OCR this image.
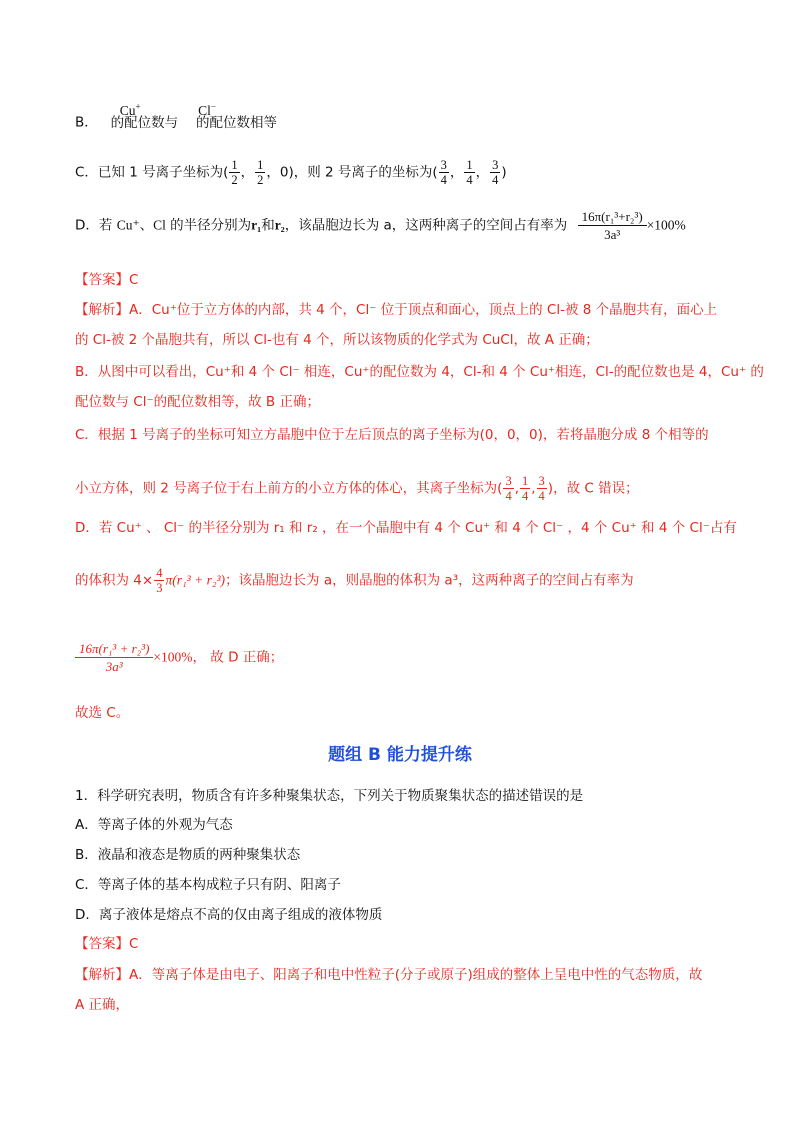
B．Cu+的配位数与Cl−的配位数相等
C．已知 1 号离子坐标为( $\frac{1}{2}$ ， $\frac{1}{2}$ ，0)，则 2 号离子的坐标为( $\frac{3}{4}$ ， $\frac{1}{4}$ ， $\frac{3}{4}$ )
D．若 Cu⁺、Cl 的半径分别为r₁和r₂，该晶胞边长为 a，这两种离子的空间占有率为 $\frac{\text{16π(r₁³+r₂³)}}{\text{3a³}} \times 100\%$
【答案】C
【解析】A．Cu⁺位于立方体的内部，共 4 个，Cl⁻ 位于顶点和面心，顶点上的 Cl-被 8 个晶胞共有，面心上
的 Cl-被 2 个晶胞共有，所以 Cl-也有 4 个，所以该物质的化学式为 CuCl，故 A 正确；
B．从图中可以看出，Cu⁺和 4 个 Cl⁻ 相连，Cu⁺的配位数为 4，Cl-和 4 个 Cu⁺相连，Cl-的配位数也是 4，Cu⁺ 的
配位数与 Cl⁻的配位数相等，故 B 正确；
C．根据 1 号离子的坐标可知立方晶胞中位于左后顶点的离子坐标为(0，0，0)，若将晶胞分成 8 个相等的
小立方体，则 2 号离子位于右上前方的小立方体的体心，其离子坐标为( $\frac{3}{4}$ , $\frac{1}{4}$ , $\frac{3}{4}$ )，故 C 错误；
D．若 Cu⁺ 、 Cl⁻ 的半径分别为 r₁ 和 r₂ ，在一个晶胞中有 4 个 Cu⁺ 和 4 个 Cl⁻ ，4 个 Cu⁺ 和 4 个 Cl⁻占有
的体积为 $4\times \frac{4}{3} \pi(r_1^3 + r_2^3)$；该晶胞边长为 a，则晶胞的体积为 a³，这两种离子的空间占有率为
$\frac{\text{16π(r₁³ + r₂³)}}{\text{3a³}} \times 100\%$， 故 D 正确；
故选 C。
题组 B 能力提升练
1．科学研究表明，物质含有许多种聚集状态，下列关于物质聚集状态的描述错误的是
A．等离子体的外观为气态
B．液晶和液态是物质的两种聚集状态
C．等离子体的基本构成粒子只有阴、阳离子
D．离子液体是熔点不高的仅由离子组成的液体物质
【答案】C
【解析】A．等离子体是由电子、阳离子和电中性粒子(分子或原子)组成的整体上呈电中性的气态物质，故
A 正确，
